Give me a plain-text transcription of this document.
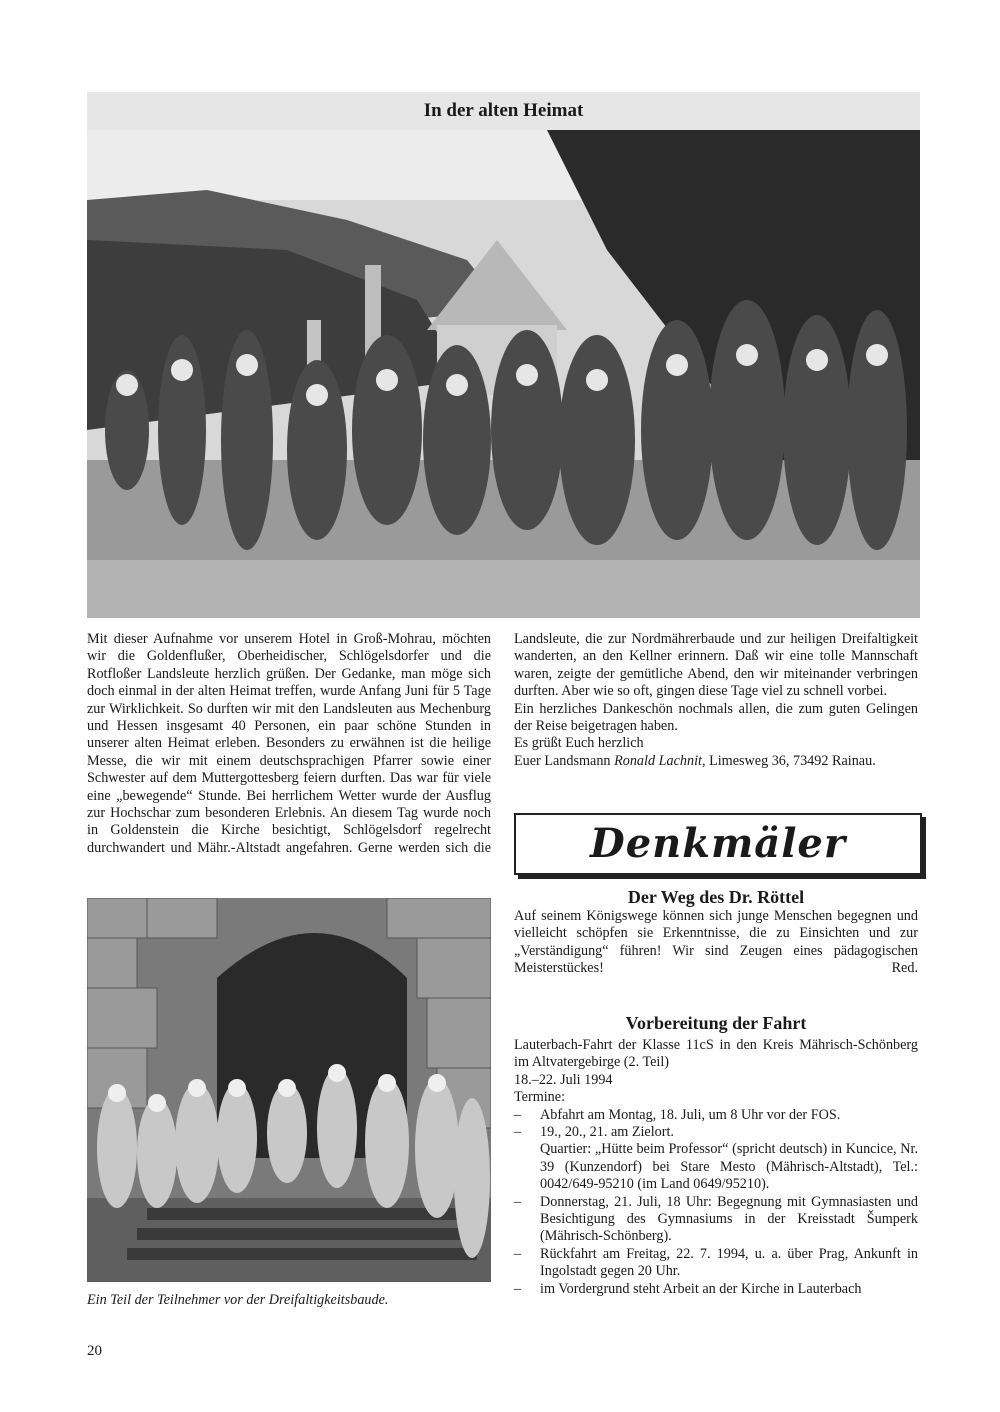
In der alten Heimat

Mit dieser Aufnahme vor unserem Hotel in Groß-Mohrau, möchten wir die Goldenflußer, Oberheidischer, Schlögelsdorfer und die Rotfloßer Landsleute herzlich grüßen. Der Gedanke, man möge sich doch einmal in der alten Heimat treffen, wurde Anfang Juni für 5 Tage zur Wirklichkeit. So durften wir mit den Landsleuten aus Mechenburg und Hessen insgesamt 40 Personen, ein paar schöne Stunden in unserer alten Heimat erleben. Besonders zu erwähnen ist die heilige Messe, die wir mit einem deutschsprachigen Pfarrer sowie einer Schwester auf dem Muttergottesberg feiern durften. Das war für viele eine „bewegende“ Stunde. Bei herrlichem Wetter wurde der Ausflug zur Hochschar zum besonderen Erlebnis. An diesem Tag wurde noch in Goldenstein die Kirche besichtigt, Schlögelsdorf regelrecht durchwandert und Mähr.-Altstadt angefahren. Gerne werden sich die

Landsleute, die zur Nordmährerbaude und zur heiligen Dreifaltigkeit wanderten, an den Kellner erinnern. Daß wir eine tolle Mannschaft waren, zeigte der gemütliche Abend, den wir miteinander verbringen durften. Aber wie so oft, gingen diese Tage viel zu schnell vorbei.

Ein herzliches Dankeschön nochmals allen, die zum guten Gelingen der Reise beigetragen haben.

Es grüßt Euch herzlich

Euer Landsmann Ronald Lachnit, Limesweg 36, 73492 Rainau.

Ein Teil der Teilnehmer vor der Dreifaltigkeitsbaude.
Denkmäler
Der Weg des Dr. Röttel

Auf seinem Königswege können sich junge Menschen begegnen und vielleicht schöpfen sie Erkenntnisse, die zu Einsichten und zur „Verständigung“ führen! Wir sind Zeugen eines pädagogischen Meisterstückes!	Red.

Vorbereitung der Fahrt

Lauterbach-Fahrt der Klasse 11cS in den Kreis Mährisch-Schönberg im Altvatergebirge (2. Teil)

18.–22. Juli 1994

Termine:

– Abfahrt am Montag, 18. Juli, um 8 Uhr vor der FOS.
– 19., 20., 21. am Zielort.

Quartier: „Hütte beim Professor“ (spricht deutsch) in Kuncice, Nr. 39 (Kunzendorf) bei Stare Mesto (Mährisch-Altstadt), Tel.: 0042/649-95210 (im Land 0649/95210).
– Donnerstag, 21. Juli, 18 Uhr: Begegnung mit Gymnasiasten und Besichtigung des Gymnasiums in der Kreisstadt Šumperk (Mährisch-Schönberg).
– Rückfahrt am Freitag, 22. 7. 1994, u. a. über Prag, Ankunft in Ingolstadt gegen 20 Uhr.
– im Vordergrund steht Arbeit an der Kirche in Lauterbach
20
